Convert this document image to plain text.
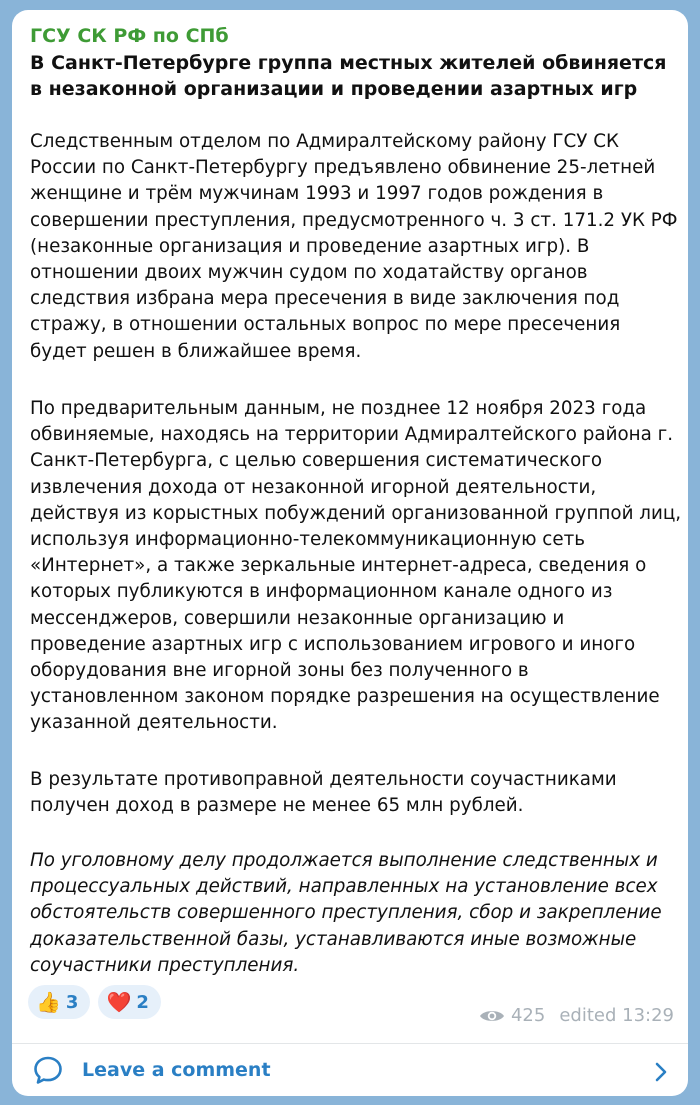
ГСУ СК РФ по СПб
В Санкт-Петербурге группа местных жителей обвиняется в незаконной организации и проведении азартных игр
Следственным отделом по Адмиралтейскому району ГСУ СК России по Санкт-Петербургу предъявлено обвинение 25-летней женщине и трём мужчинам 1993 и 1997 годов рождения в совершении преступления, предусмотренного ч. 3 ст. 171.2 УК РФ (незаконные организация и проведение азартных игр). В отношении двоих мужчин судом по ходатайству органов следствия избрана мера пресечения в виде заключения под стражу, в отношении остальных вопрос по мере пресечения будет решен в ближайшее время.
По предварительным данным, не позднее 12 ноября 2023 года обвиняемые, находясь на территории Адмиралтейского района г. Санкт-Петербурга, с целью совершения систематического извлечения дохода от незаконной игорной деятельности, действуя из корыстных побуждений организованной группой лиц, используя информационно-телекоммуникационную сеть «Интернет», а также зеркальные интернет-адреса, сведения о которых публикуются в информационном канале одного из мессенджеров, совершили незаконные организацию и проведение азартных игр с использованием игрового и иного оборудования вне игорной зоны без полученного в установленном законом порядке разрешения на осуществление указанной деятельности.
В результате противоправной деятельности соучастниками получен доход в размере не менее 65 млн рублей.
По уголовному делу продолжается выполнение следственных и процессуальных действий, направленных на установление всех обстоятельств совершенного преступления, сбор и закрепление доказательственной базы, устанавливаются иные возможные соучастники преступления.
👍 3 ❤️ 2
425 edited 13:29
Leave a comment
